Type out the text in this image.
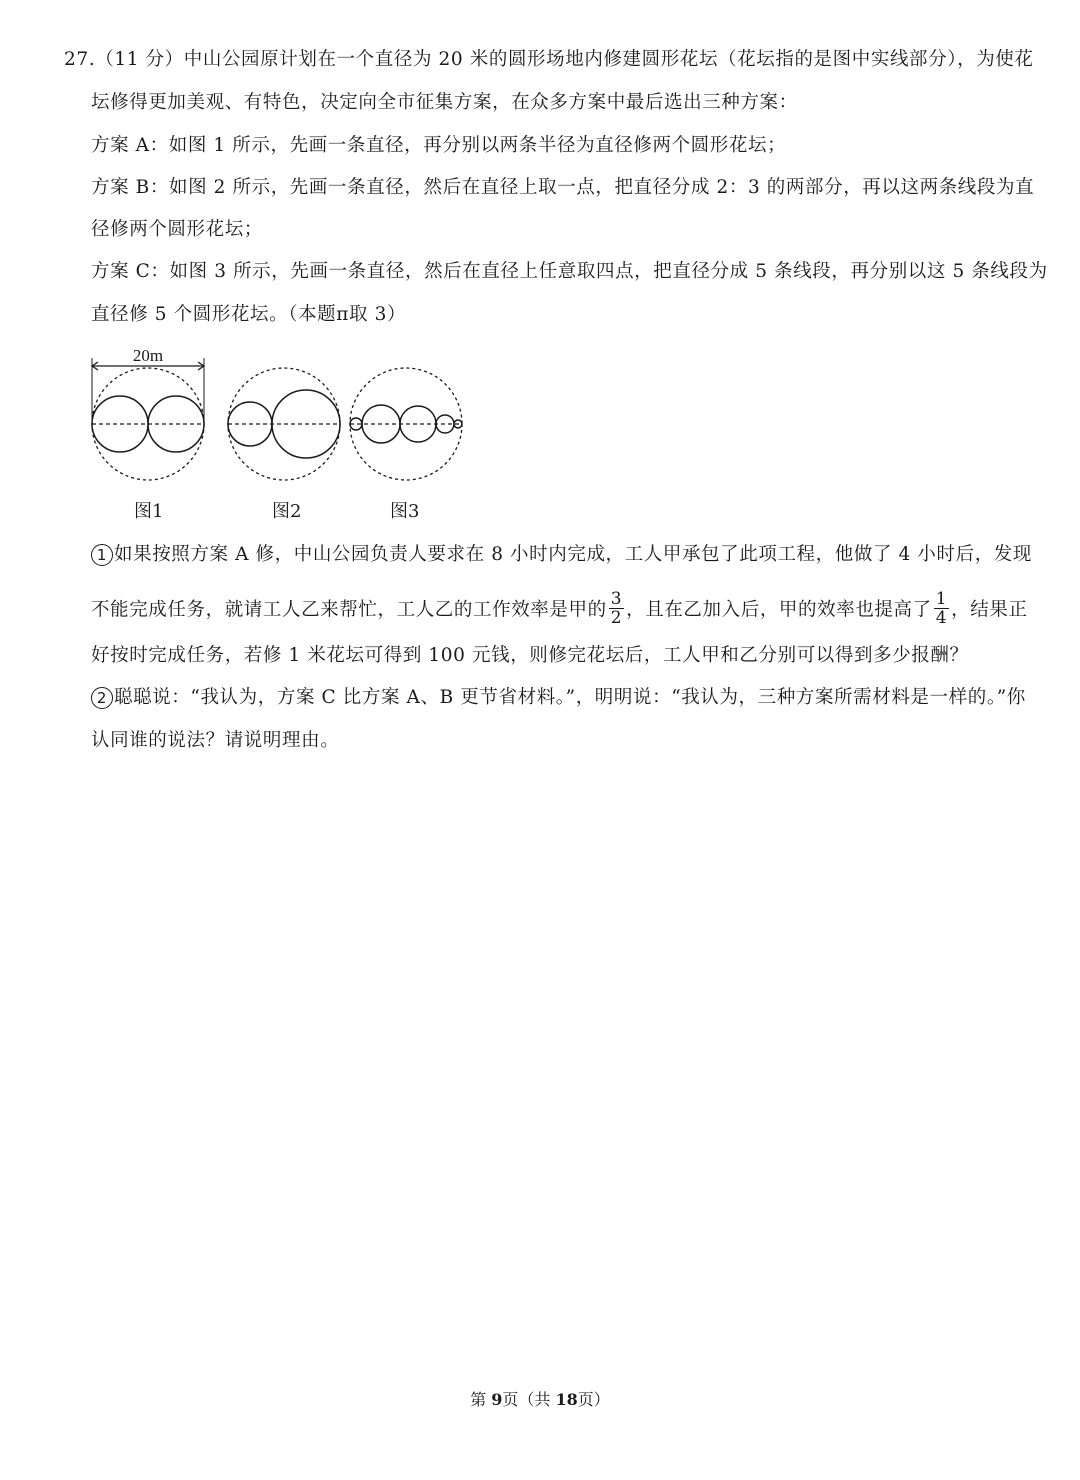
27.（11 分）中山公园原计划在一个直径为 20 米的圆形场地内修建圆形花坛（花坛指的是图中实线部分），为使花
坛修得更加美观、有特色，决定向全市征集方案，在众多方案中最后选出三种方案：
方案 A：如图 1 所示，先画一条直径，再分别以两条半径为直径修两个圆形花坛；
方案 B：如图 2 所示，先画一条直径，然后在直径上取一点，把直径分成 2：3 的两部分，再以这两条线段为直
径修两个圆形花坛；
方案 C：如图 3 所示，先画一条直径，然后在直径上任意取四点，把直径分成 5 条线段，再分别以这 5 条线段为
直径修 5 个圆形花坛。（本题π取 3）
20m
图1	图2	图3
1 如果按照方案 A 修，中山公园负责人要求在 8 小时内完成，工人甲承包了此项工程，他做了 4 小时后，发现
不能完成任务，就请工人乙来帮忙，工人乙的工作效率是甲的 $\frac{3}{2}$ ，且在乙加入后，甲的效率也提高了 $\frac{1}{4}$ ，结果正
好按时完成任务，若修 1 米花坛可得到 100 元钱，则修完花坛后，工人甲和乙分别可以得到多少报酬？
2 聪聪说：“我认为，方案 C 比方案 A、B 更节省材料。”，明明说：“我认为，三种方案所需材料是一样的。”你
认同谁的说法？请说明理由。
第 9页（共 18页）
